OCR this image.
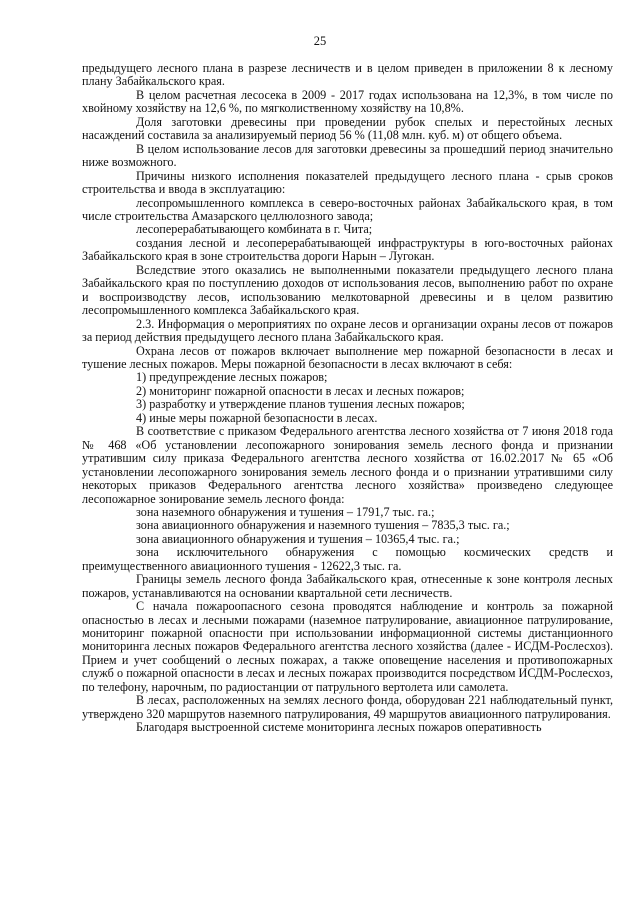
25

предыдущего лесного плана в разрезе лесничеств и в целом приведен в приложении 8 к лесному плану Забайкальского края.

В целом расчетная лесосека в 2009 - 2017 годах использована на 12,3%, в том числе по хвойному хозяйству на 12,6 %, по мягколиственному хозяйству на 10,8%.

Доля заготовки древесины при проведении рубок спелых и перестойных лесных насаждений составила за анализируемый период 56 % (11,08 млн. куб. м) от общего объема.

В целом использование лесов для заготовки древесины за прошедший период значительно ниже возможного.

Причины низкого исполнения показателей предыдущего лесного плана - срыв сроков строительства и ввода в эксплуатацию:

лесопромышленного комплекса в северо-восточных районах Забайкальского края, в том числе строительства Амазарского целлюлозного завода;

лесоперерабатывающего комбината в г. Чита;

создания лесной и лесоперерабатывающей инфраструктуры в юго-восточных районах Забайкальского края в зоне строительства дороги Нарын – Лугокан.

Вследствие этого оказались не выполненными показатели предыдущего лесного плана Забайкальского края по поступлению доходов от использования лесов, выполнению работ по охране и воспроизводству лесов, использованию мелкотоварной древесины и в целом развитию лесопромышленного комплекса Забайкальского края.

2.3. Информация о мероприятиях по охране лесов и организации охраны лесов от пожаров за период действия предыдущего лесного плана Забайкальского края.

Охрана лесов от пожаров включает выполнение мер пожарной безопасности в лесах и тушение лесных пожаров. Меры пожарной безопасности в лесах включают в себя:

1) предупреждение лесных пожаров;

2) мониторинг пожарной опасности в лесах и лесных пожаров;

3) разработку и утверждение планов тушения лесных пожаров;

4) иные меры пожарной безопасности в лесах.

В соответствие с приказом Федерального агентства лесного хозяйства от 7 июня 2018 года № 468 «Об установлении лесопожарного зонирования земель лесного фонда и признании утратившим силу приказа Федерального агентства лесного хозяйства от 16.02.2017 № 65 «Об установлении лесопожарного зонирования земель лесного фонда и о признании утратившими силу некоторых приказов Федерального агентства лесного хозяйства» произведено следующее лесопожарное зонирование земель лесного фонда:

зона наземного обнаружения и тушения – 1791,7 тыс. га.;

зона авиационного обнаружения и наземного тушения – 7835,3 тыс. га.;

зона авиационного обнаружения и тушения – 10365,4 тыс. га.;

зона исключительного обнаружения с помощью космических средств и преимущественного авиационного тушения - 12622,3 тыс. га.

Границы земель лесного фонда Забайкальского края, отнесенные к зоне контроля лесных пожаров, устанавливаются на основании квартальной сети лесничеств.

С начала пожароопасного сезона проводятся наблюдение и контроль за пожарной опасностью в лесах и лесными пожарами (наземное патрулирование, авиационное патрулирование, мониторинг пожарной опасности при использовании информационной системы дистанционного мониторинга лесных пожаров Федерального агентства лесного хозяйства (далее - ИСДМ-Рослесхоз). Прием и учет сообщений о лесных пожарах, а также оповещение населения и противопожарных служб о пожарной опасности в лесах и лесных пожарах производится посредством ИСДМ-Рослесхоз, по телефону, нарочным, по радиостанции от патрульного вертолета или самолета.

В лесах, расположенных на землях лесного фонда, оборудован 221 наблюдательный пункт, утверждено 320 маршрутов наземного патрулирования, 49 маршрутов авиационного патрулирования.

Благодаря выстроенной системе мониторинга лесных пожаров оперативность
